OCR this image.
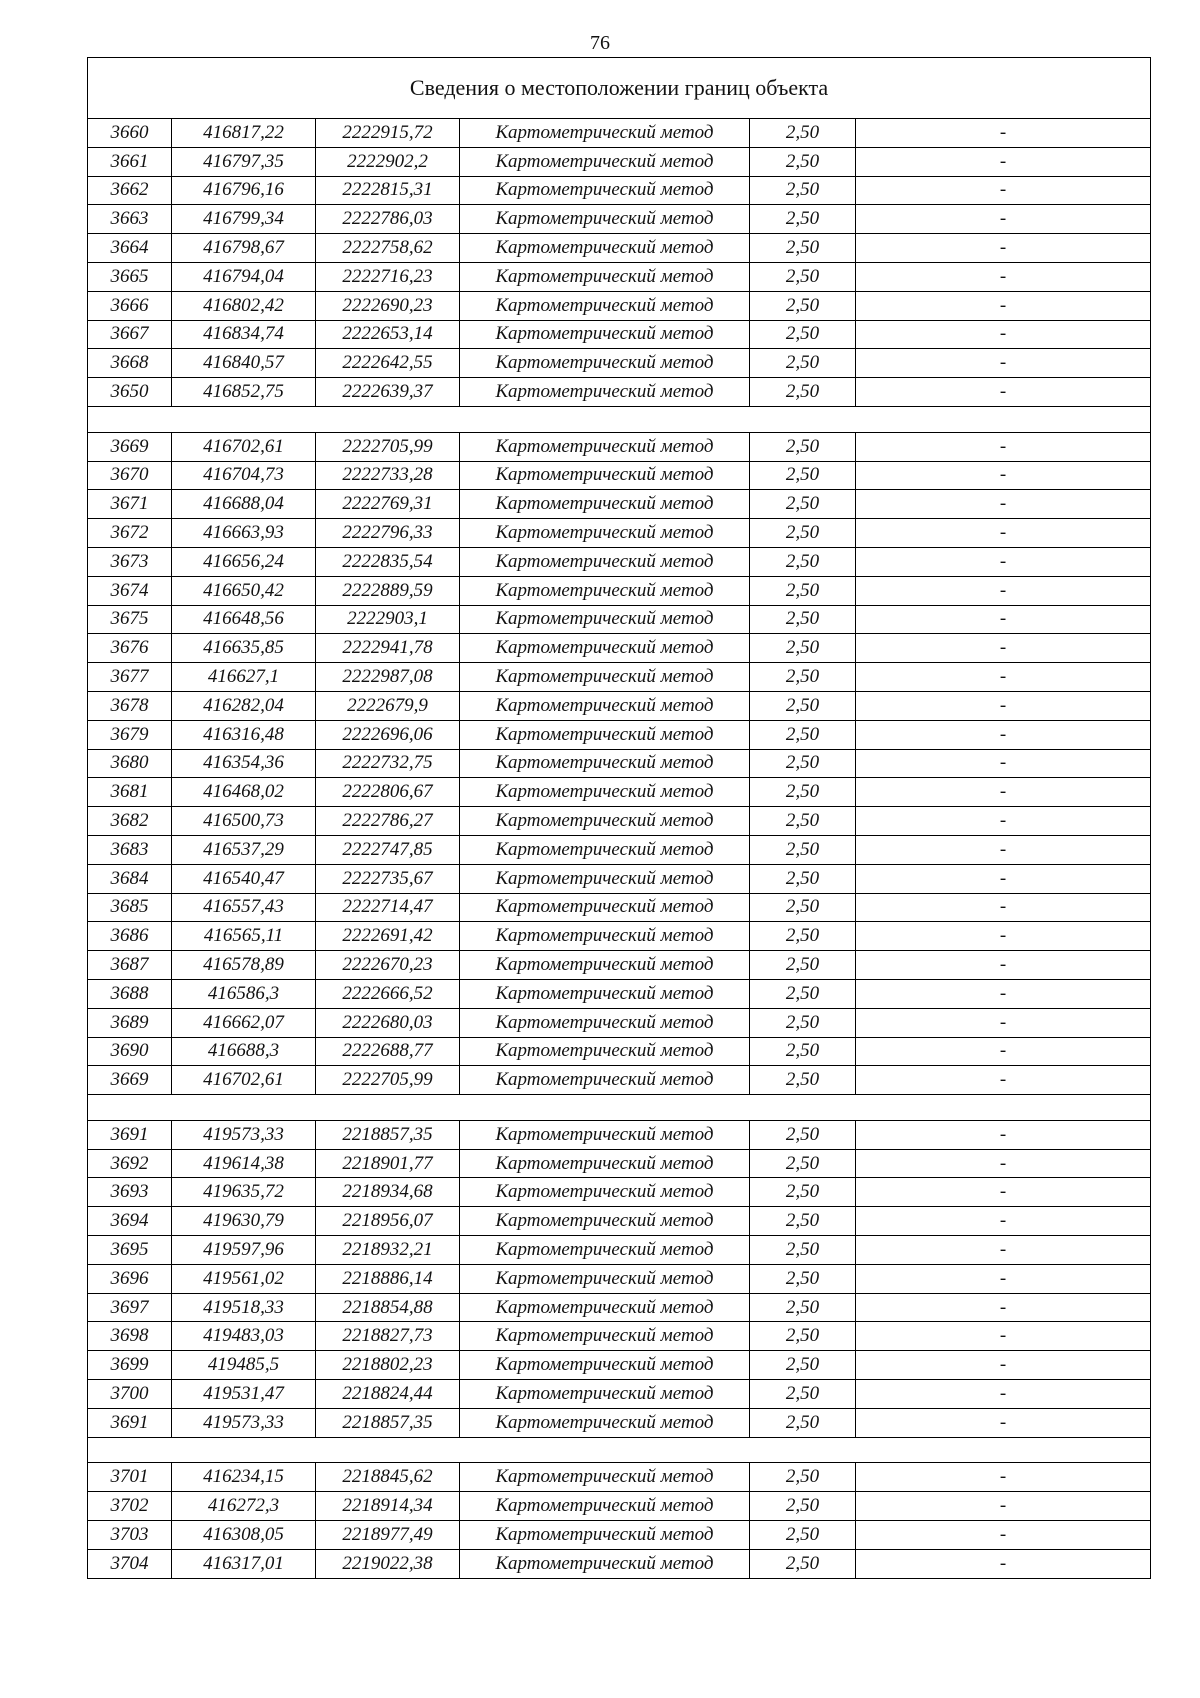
76
Сведения о местоположении границ объекта					
3660	416817,22	2222915,72	Картометрический метод	2,50	-
3661	416797,35	2222902,2	Картометрический метод	2,50	-
3662	416796,16	2222815,31	Картометрический метод	2,50	-
3663	416799,34	2222786,03	Картометрический метод	2,50	-
3664	416798,67	2222758,62	Картометрический метод	2,50	-
3665	416794,04	2222716,23	Картометрический метод	2,50	-
3666	416802,42	2222690,23	Картометрический метод	2,50	-
3667	416834,74	2222653,14	Картометрический метод	2,50	-
3668	416840,57	2222642,55	Картометрический метод	2,50	-
3650	416852,75	2222639,37	Картометрический метод	2,50	-

3669	416702,61	2222705,99	Картометрический метод	2,50	-
3670	416704,73	2222733,28	Картометрический метод	2,50	-
3671	416688,04	2222769,31	Картометрический метод	2,50	-
3672	416663,93	2222796,33	Картометрический метод	2,50	-
3673	416656,24	2222835,54	Картометрический метод	2,50	-
3674	416650,42	2222889,59	Картометрический метод	2,50	-
3675	416648,56	2222903,1	Картометрический метод	2,50	-
3676	416635,85	2222941,78	Картометрический метод	2,50	-
3677	416627,1	2222987,08	Картометрический метод	2,50	-
3678	416282,04	2222679,9	Картометрический метод	2,50	-
3679	416316,48	2222696,06	Картометрический метод	2,50	-
3680	416354,36	2222732,75	Картометрический метод	2,50	-
3681	416468,02	2222806,67	Картометрический метод	2,50	-
3682	416500,73	2222786,27	Картометрический метод	2,50	-
3683	416537,29	2222747,85	Картометрический метод	2,50	-
3684	416540,47	2222735,67	Картометрический метод	2,50	-
3685	416557,43	2222714,47	Картометрический метод	2,50	-
3686	416565,11	2222691,42	Картометрический метод	2,50	-
3687	416578,89	2222670,23	Картометрический метод	2,50	-
3688	416586,3	2222666,52	Картометрический метод	2,50	-
3689	416662,07	2222680,03	Картометрический метод	2,50	-
3690	416688,3	2222688,77	Картометрический метод	2,50	-
3669	416702,61	2222705,99	Картометрический метод	2,50	-

3691	419573,33	2218857,35	Картометрический метод	2,50	-
3692	419614,38	2218901,77	Картометрический метод	2,50	-
3693	419635,72	2218934,68	Картометрический метод	2,50	-
3694	419630,79	2218956,07	Картометрический метод	2,50	-
3695	419597,96	2218932,21	Картометрический метод	2,50	-
3696	419561,02	2218886,14	Картометрический метод	2,50	-
3697	419518,33	2218854,88	Картометрический метод	2,50	-
3698	419483,03	2218827,73	Картометрический метод	2,50	-
3699	419485,5	2218802,23	Картометрический метод	2,50	-
3700	419531,47	2218824,44	Картометрический метод	2,50	-
3691	419573,33	2218857,35	Картометрический метод	2,50	-

3701	416234,15	2218845,62	Картометрический метод	2,50	-
3702	416272,3	2218914,34	Картометрический метод	2,50	-
3703	416308,05	2218977,49	Картометрический метод	2,50	-
3704	416317,01	2219022,38	Картометрический метод	2,50	-
